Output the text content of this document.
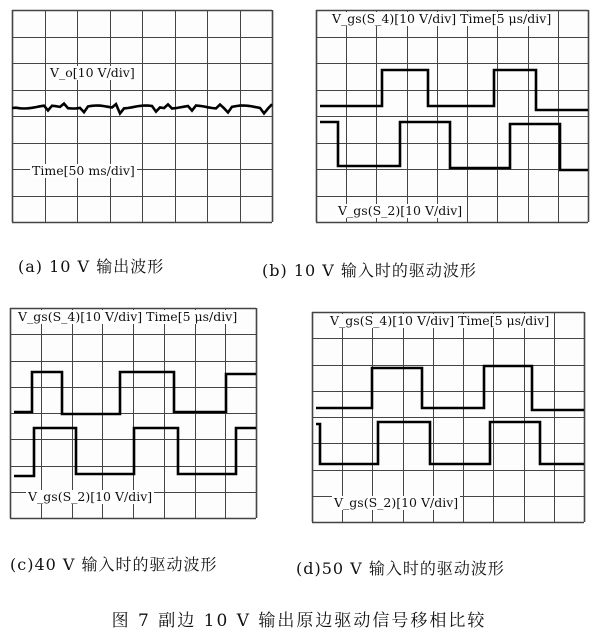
V_o[10 V/div]
Time[50 ms/div]
(a) 10 V 输出波形
V_gs(S_4)[10 V/div] Time[5 μs/div]
V_gs(S_2)[10 V/div]
(b) 10 V 输入时的驱动波形
V_gs(S_4)[10 V/div] Time[5 μs/div]
V_gs(S_2)[10 V/div]
(c)40 V 输入时的驱动波形
V_gs(S_4)[10 V/div] Time[5 μs/div]
V_gs(S_2)[10 V/div]
(d)50 V 输入时的驱动波形
图 7 副边 10 V 输出原边驱动信号移相比较
